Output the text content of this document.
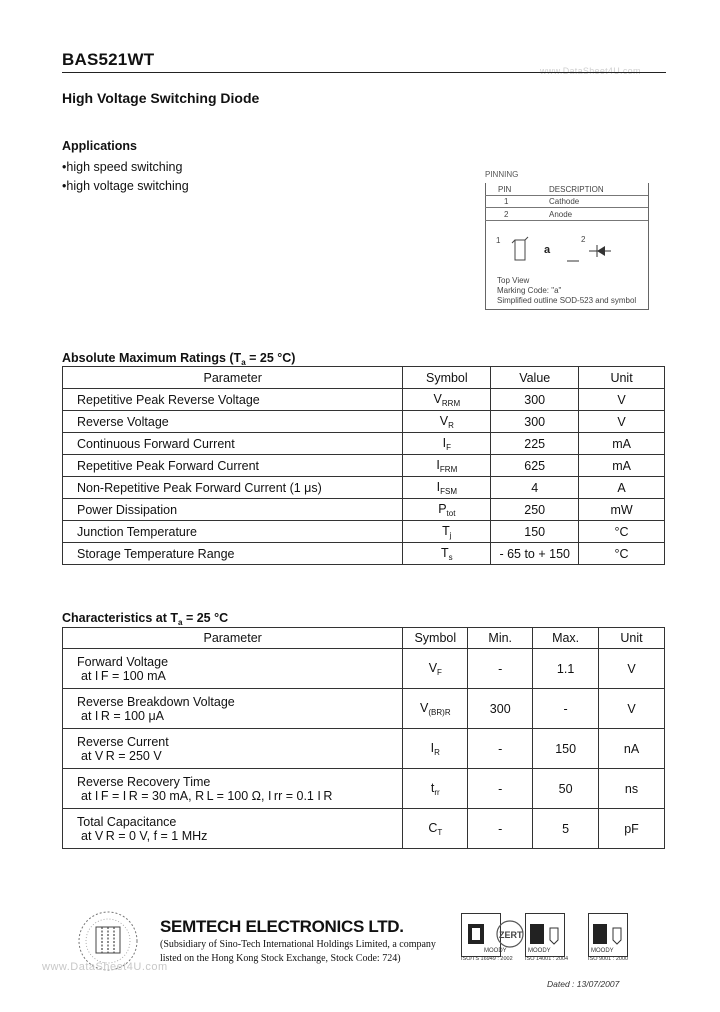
BAS521WT
www.DataSheet4U.com
High Voltage Switching Diode
Applications
• high speed switching
• high voltage switching
PINNING
PIN	DESCRIPTION
1	Cathode
2	Anode
1
a
2
Top View
Marking Code: "a"
Simplified outline SOD-523 and symbol
Absolute Maximum Ratings ($T_a = 25$ °C)
Parameter	Symbol	Value	Unit
Repetitive Peak Reverse Voltage	$V_{RRM}$	300	V
Reverse Voltage	$V_R$	300	V
Continuous Forward Current	$I_F$	225	mA
Repetitive Peak Forward Current	$I_{FRM}$	625	mA
Non-Repetitive Peak Forward Current (1 μs)	$I_{FSM}$	4	A
Power Dissipation	$P_{tot}$	250	mW
Junction Temperature	$T_j$	150	°C
Storage Temperature Range	$T_s$	- 65 to + 150	°C
Characteristics at $T_a = 25$ °C
Parameter	Symbol	Min.	Max.	Unit
Forward Voltage
at I F = 100 mA	$V_F$	-	1.1	V
Reverse Breakdown Voltage
at I R = 100 μA	$V_{(BR)R}$	300	-	V
Reverse Current
at V R = 250 V	$I_R$	-	150	nA
Reverse Recovery Time
at I F = I R = 30 mA, R L = 100 Ω, I rr = 0.1 I R	$t_{rr}$	-	50	ns
Total Capacitance
at V R = 0 V, f = 1 MHz	$C_T$	-	5	pF
SEMTECH ELECTRONICS LTD.
(Subsidiary of Sino-Tech International Holdings Limited, a company
listed on the Hong Kong Stock Exchange, Stock Code: 724)
www.DataSheet4U.com
MOODY	MOODY	MOODY
ZERT
ISO/TS 16949 : 2002	ISO 14001 : 2004	ISO 9001 : 2000
Dated : 13/07/2007
